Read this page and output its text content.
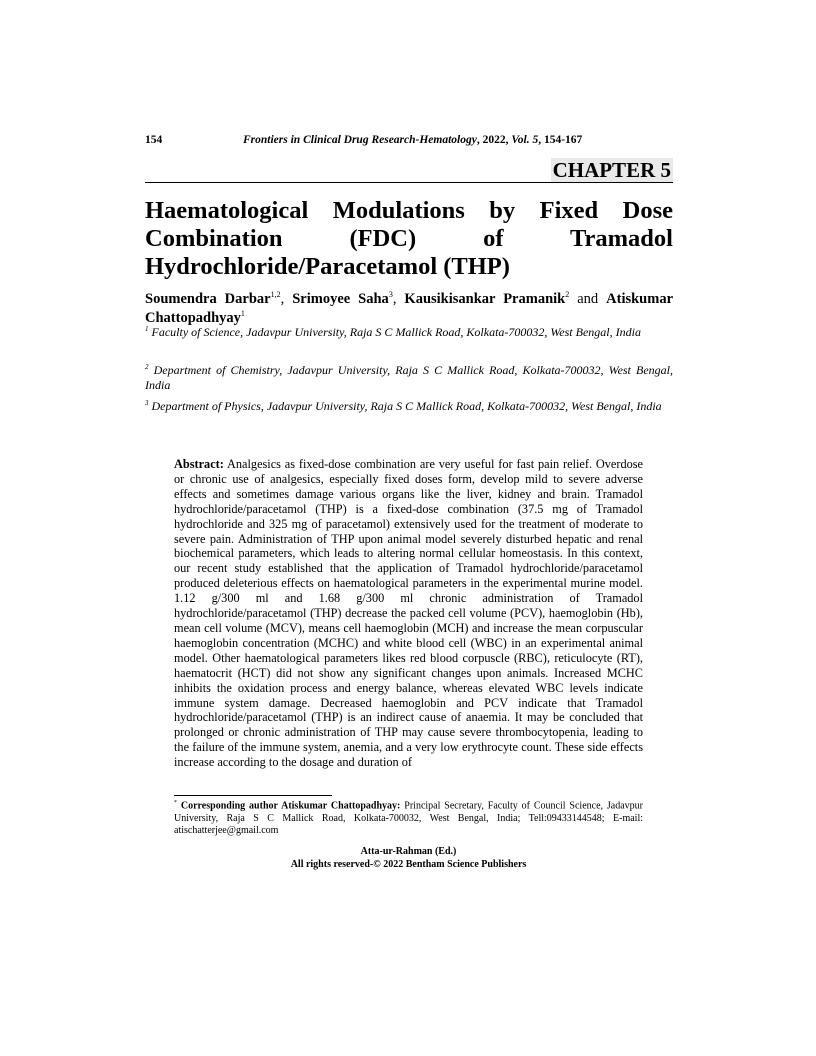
154	Frontiers in Clinical Drug Research-Hematology, 2022, Vol. 5, 154-167
CHAPTER 5
Haematological Modulations by Fixed Dose Combination (FDC) of Tramadol Hydrochloride/Paracetamol (THP)
Soumendra Darbar$^{1,2}$, Srimoyee Saha$^3$, Kausikisankar Pramanik$^2$ and Atiskumar Chattopadhyay$^1$
$^1$ Faculty of Science, Jadavpur University, Raja S C Mallick Road, Kolkata-700032, West Bengal, India
$^2$ Department of Chemistry, Jadavpur University, Raja S C Mallick Road, Kolkata-700032, West Bengal, India
$^3$ Department of Physics, Jadavpur University, Raja S C Mallick Road, Kolkata-700032, West Bengal, India
Abstract: Analgesics as fixed-dose combination are very useful for fast pain relief. Overdose or chronic use of analgesics, especially fixed doses form, develop mild to severe adverse effects and sometimes damage various organs like the liver, kidney and brain. Tramadol hydrochloride/paracetamol (THP) is a fixed-dose combination (37.5 mg of Tramadol hydrochloride and 325 mg of paracetamol) extensively used for the treatment of moderate to severe pain. Administration of THP upon animal model severely disturbed hepatic and renal biochemical parameters, which leads to altering normal cellular homeostasis. In this context, our recent study established that the application of Tramadol hydrochloride/paracetamol produced deleterious effects on haematological parameters in the experimental murine model. 1.12 g/300 ml and 1.68 g/300 ml chronic administration of Tramadol hydrochloride/paracetamol (THP) decrease the packed cell volume (PCV), haemoglobin (Hb), mean cell volume (MCV), means cell haemoglobin (MCH) and increase the mean corpuscular haemoglobin concentration (MCHC) and white blood cell (WBC) in an experimental animal model. Other haematological parameters likes red blood corpuscle (RBC), reticulocyte (RT), haematocrit (HCT) did not show any significant changes upon animals. Increased MCHC inhibits the oxidation process and energy balance, whereas elevated WBC levels indicate immune system damage. Decreased haemoglobin and PCV indicate that Tramadol hydrochloride/paracetamol (THP) is an indirect cause of anaemia. It may be concluded that prolonged or chronic administration of THP may cause severe thrombocytopenia, leading to the failure of the immune system, anemia, and a very low erythrocyte count. These side effects increase according to the dosage and duration of
* Corresponding author Atiskumar Chattopadhyay: Principal Secretary, Faculty of Council Science, Jadavpur University, Raja S C Mallick Road, Kolkata-700032, West Bengal, India; Tell:09433144548; E-mail: atischatterjee@gmail.com
Atta-ur-Rahman (Ed.)
All rights reserved-© 2022 Bentham Science Publishers
